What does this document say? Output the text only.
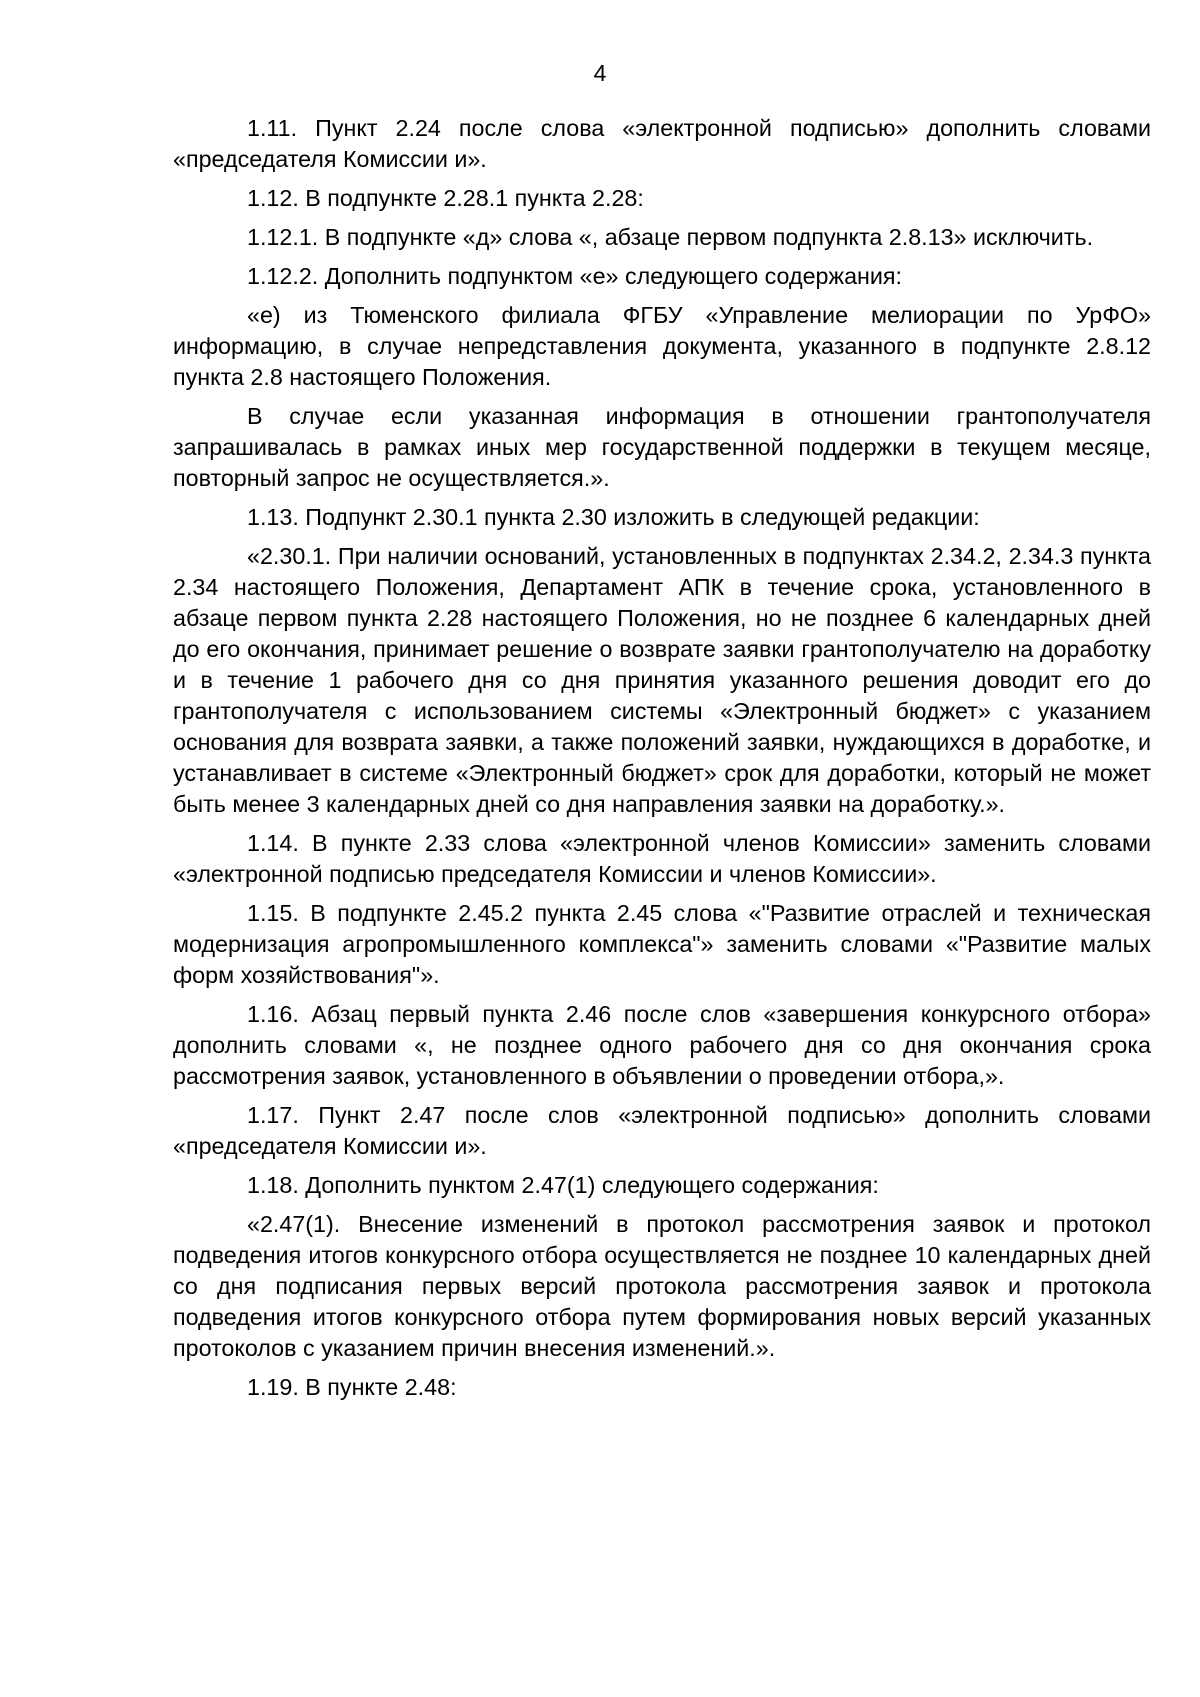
4

1.11. Пункт 2.24 после слова «электронной подписью» дополнить словами «председателя Комиссии и».

1.12. В подпункте 2.28.1 пункта 2.28:

1.12.1. В подпункте «д» слова «, абзаце первом подпункта 2.8.13» исключить.

1.12.2. Дополнить подпунктом «е» следующего содержания:

«е) из Тюменского филиала ФГБУ «Управление мелиорации по УрФО» информацию, в случае непредставления документа, указанного в подпункте 2.8.12 пункта 2.8 настоящего Положения.

В случае если указанная информация в отношении грантополучателя запрашивалась в рамках иных мер государственной поддержки в текущем месяце, повторный запрос не осуществляется.».

1.13. Подпункт 2.30.1 пункта 2.30 изложить в следующей редакции:

«2.30.1. При наличии оснований, установленных в подпунктах 2.34.2, 2.34.3 пункта 2.34 настоящего Положения, Департамент АПК в течение срока, установленного в абзаце первом пункта 2.28 настоящего Положения, но не позднее 6 календарных дней до его окончания, принимает решение о возврате заявки грантополучателю на доработку и в течение 1 рабочего дня со дня принятия указанного решения доводит его до грантополучателя с использованием системы «Электронный бюджет» с указанием основания для возврата заявки, а также положений заявки, нуждающихся в доработке, и устанавливает в системе «Электронный бюджет» срок для доработки, который не может быть менее 3 календарных дней со дня направления заявки на доработку.».

1.14. В пункте 2.33 слова «электронной членов Комиссии» заменить словами «электронной подписью председателя Комиссии и членов Комиссии».

1.15. В подпункте 2.45.2 пункта 2.45 слова «"Развитие отраслей и техническая модернизация агропромышленного комплекса"» заменить словами «"Развитие малых форм хозяйствования"».

1.16. Абзац первый пункта 2.46 после слов «завершения конкурсного отбора» дополнить словами «, не позднее одного рабочего дня со дня окончания срока рассмотрения заявок, установленного в объявлении о проведении отбора,».

1.17. Пункт 2.47 после слов «электронной подписью» дополнить словами «председателя Комиссии и».

1.18. Дополнить пунктом 2.47(1) следующего содержания:

«2.47(1). Внесение изменений в протокол рассмотрения заявок и протокол подведения итогов конкурсного отбора осуществляется не позднее 10 календарных дней со дня подписания первых версий протокола рассмотрения заявок и протокола подведения итогов конкурсного отбора путем формирования новых версий указанных протоколов с указанием причин внесения изменений.».

1.19. В пункте 2.48:
